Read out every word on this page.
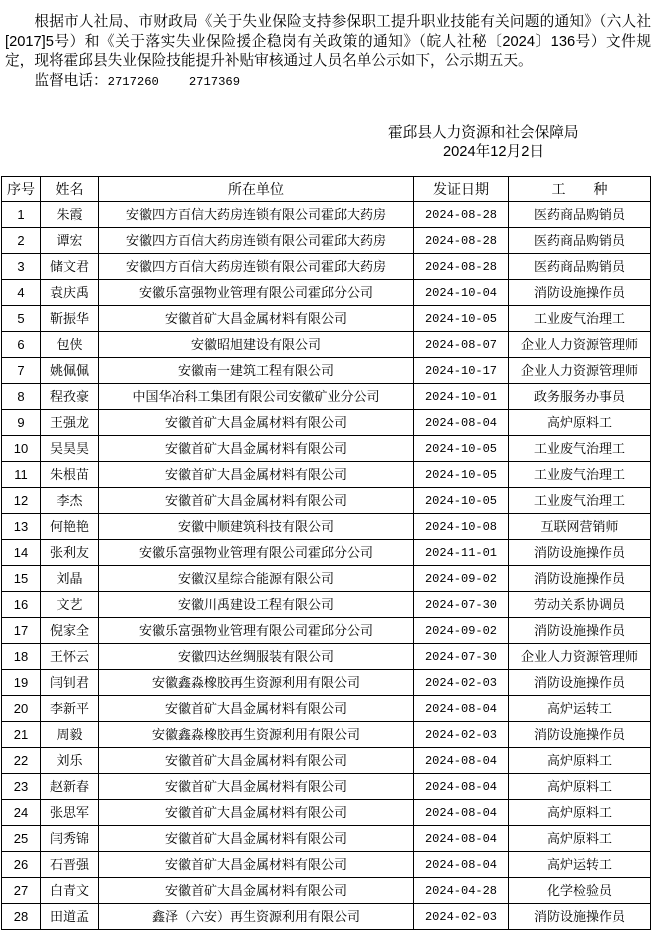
根据市人社局、市财政局《关于失业保险支持参保职工提升职业技能有关问题的通知》（六人社[2017]5号）和《关于落实失业保险援企稳岗有关政策的通知》（皖人社秘〔2024〕136号）文件规定，现将霍邱县失业保险技能提升补贴审核通过人员名单公示如下，公示期五天。

监督电话：2717260 2717369

霍邱县人力资源和社会保障局
2024年12月2日
序号	姓名	所在单位	发证日期	工　　种
1	朱霞	安徽四方百信大药房连锁有限公司霍邱大药房	2024-08-28	医药商品购销员
2	谭宏	安徽四方百信大药房连锁有限公司霍邱大药房	2024-08-28	医药商品购销员
3	储文君	安徽四方百信大药房连锁有限公司霍邱大药房	2024-08-28	医药商品购销员
4	袁庆禹	安徽乐富强物业管理有限公司霍邱分公司	2024-10-04	消防设施操作员
5	靳振华	安徽首矿大昌金属材料有限公司	2024-10-05	工业废气治理工
6	包侠	安徽昭旭建设有限公司	2024-08-07	企业人力资源管理师
7	姚佩佩	安徽南一建筑工程有限公司	2024-10-17	企业人力资源管理师
8	程孜豪	中国华冶科工集团有限公司安徽矿业分公司	2024-10-01	政务服务办事员
9	王强龙	安徽首矿大昌金属材料有限公司	2024-08-04	高炉原料工
10	吴昊昊	安徽首矿大昌金属材料有限公司	2024-10-05	工业废气治理工
11	朱根苗	安徽首矿大昌金属材料有限公司	2024-10-05	工业废气治理工
12	李杰	安徽首矿大昌金属材料有限公司	2024-10-05	工业废气治理工
13	何艳艳	安徽中顺建筑科技有限公司	2024-10-08	互联网营销师
14	张利友	安徽乐富强物业管理有限公司霍邱分公司	2024-11-01	消防设施操作员
15	刘晶	安徽汉星综合能源有限公司	2024-09-02	消防设施操作员
16	文艺	安徽川禹建设工程有限公司	2024-07-30	劳动关系协调员
17	倪家全	安徽乐富强物业管理有限公司霍邱分公司	2024-09-02	消防设施操作员
18	王怀云	安徽四达丝绸服装有限公司	2024-07-30	企业人力资源管理师
19	闫钊君	安徽鑫淼橡胶再生资源利用有限公司	2024-02-03	消防设施操作员
20	李新平	安徽首矿大昌金属材料有限公司	2024-08-04	高炉运转工
21	周毅	安徽鑫淼橡胶再生资源利用有限公司	2024-02-03	消防设施操作员
22	刘乐	安徽首矿大昌金属材料有限公司	2024-08-04	高炉原料工
23	赵新春	安徽首矿大昌金属材料有限公司	2024-08-04	高炉原料工
24	张思军	安徽首矿大昌金属材料有限公司	2024-08-04	高炉原料工
25	闫秀锦	安徽首矿大昌金属材料有限公司	2024-08-04	高炉原料工
26	石晋强	安徽首矿大昌金属材料有限公司	2024-08-04	高炉运转工
27	白青文	安徽首矿大昌金属材料有限公司	2024-04-28	化学检验员
28	田道孟	鑫泽（六安）再生资源利用有限公司	2024-02-03	消防设施操作员
